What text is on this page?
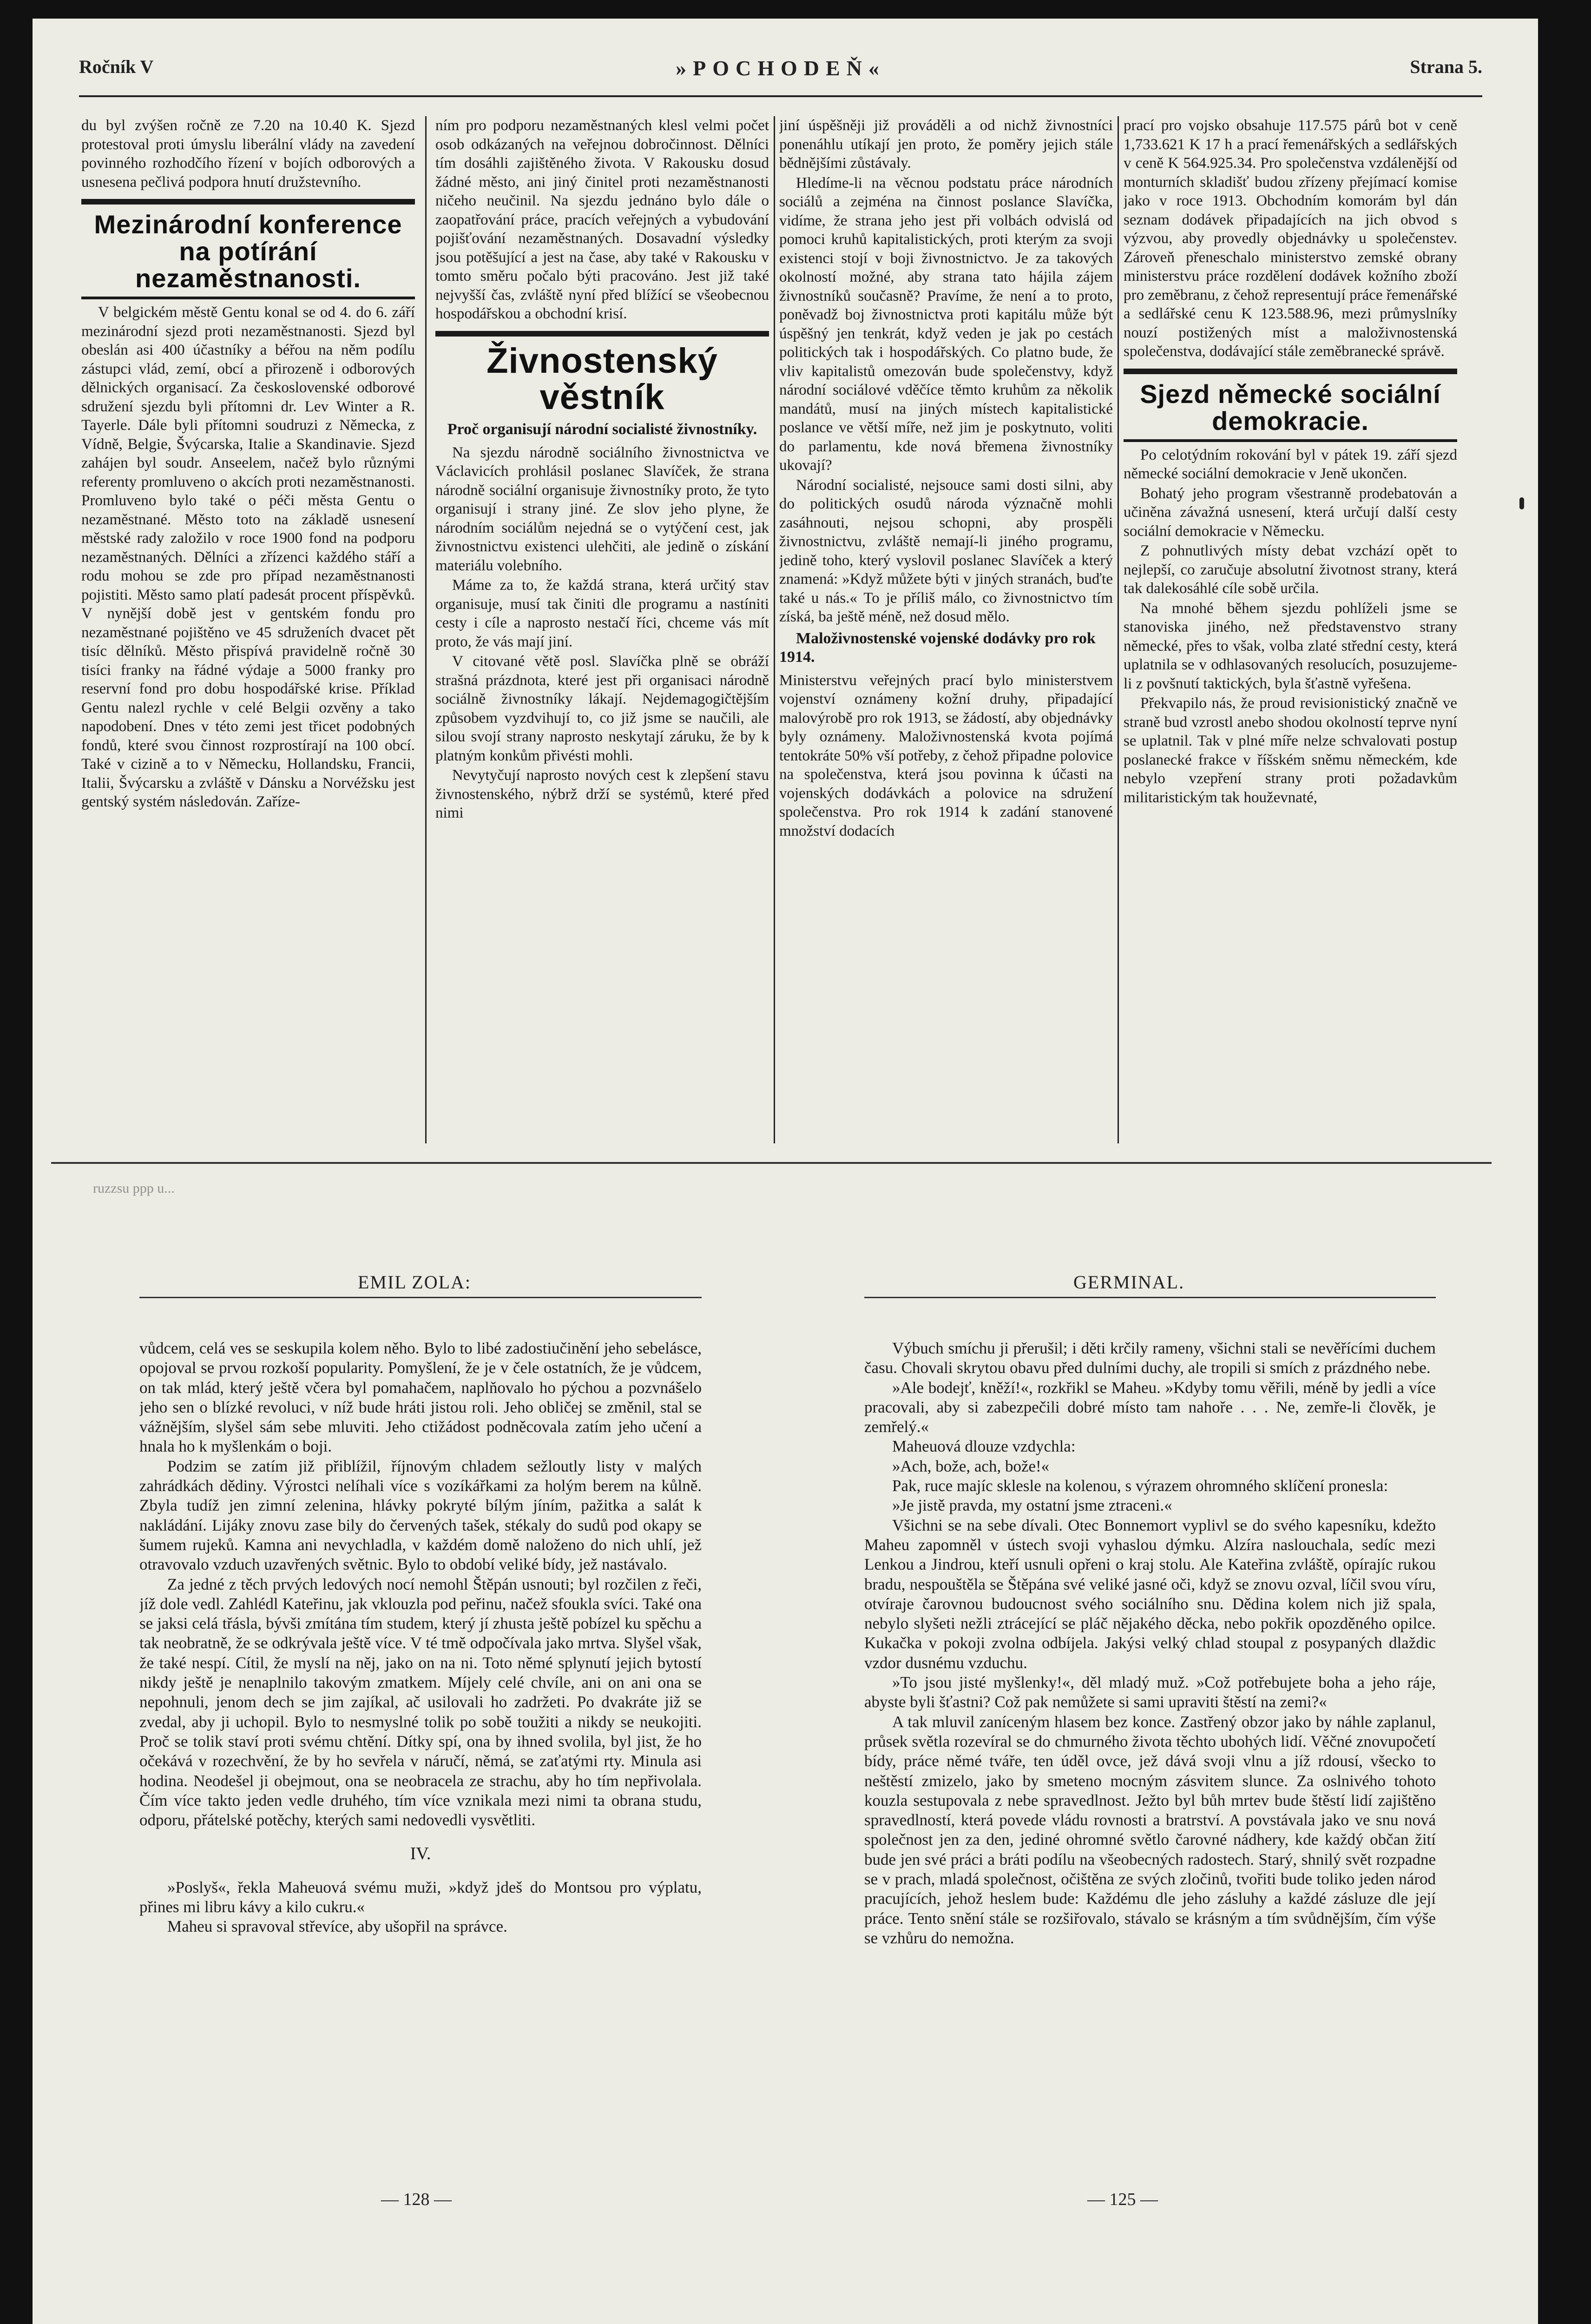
Ročník V	»POCHODEŇ«	Strana 5.

du byl zvýšen ročně ze 7.20 na 10.40 K. Sjezd protestoval proti úmyslu liberální vlády na zavedení povinného rozhodčího řízení v bojích odborových a usnesena pečlivá podpora hnutí družstevního.

Mezinárodní konference na potírání nezaměstnanosti.

V belgickém městě Gentu konal se od 4. do 6. září mezinárodní sjezd proti nezaměstnanosti. Sjezd byl obeslán asi 400 účastníky a béřou na něm podílu zástupci vlád, zemí, obcí a přirozeně i odborových dělnických organisací. Za československé odborové sdružení sjezdu byli přítomni dr. Lev Winter a R. Tayerle. Dále byli přítomni soudruzi z Německa, z Vídně, Belgie, Švýcarska, Italie a Skandinavie. Sjezd zahájen byl soudr. Anseelem, načež bylo různými referenty promluveno o akcích proti nezaměstnanosti. Promluveno bylo také o péči města Gentu o nezaměstnané. Město toto na základě usnesení městské rady založilo v roce 1900 fond na podporu nezaměstnaných. Dělníci a zřízenci každého stáří a rodu mohou se zde pro případ nezaměstnanosti pojistiti. Město samo platí padesát procent příspěvků. V nynější době jest v gentském fondu pro nezaměstnané pojištěno ve 45 sdruženích dvacet pět tisíc dělníků. Město přispívá pravidelně ročně 30 tisíci franky na řádné výdaje a 5000 franky pro reservní fond pro dobu hospodářské krise. Příklad Gentu nalezl rychle v celé Belgii ozvěny a tako napodobení. Dnes v této zemi jest třicet podobných fondů, které svou činnost rozprostírají na 100 obcí. Také v cizině a to v Německu, Hollandsku, Francii, Italii, Švýcarsku a zvláště v Dánsku a Norvéžsku jest gentský systém následován. Zaříze-

ním pro podporu nezaměstnaných klesl velmi počet osob odkázaných na veřejnou dobročinnost. Dělníci tím dosáhli zajištěného života. V Rakousku dosud žádné město, ani jiný činitel proti nezaměstnanosti ničeho neučinil. Na sjezdu jednáno bylo dále o zaopatřování práce, pracích veřejných a vybudování pojišťování nezaměstnaných. Dosavadní výsledky jsou potěšující a jest na čase, aby také v Rakousku v tomto směru počalo býti pracováno. Jest již také nejvyšší čas, zvláště nyní před blížící se všeobecnou hospodářskou a obchodní krisí.

Živnostenský věstník
Proč organisují národní socialisté živnostníky.

Na sjezdu národně sociálního živnostnictva ve Václavicích prohlásil poslanec Slavíček, že strana národně sociální organisuje živnostníky proto, že tyto organisují i strany jiné. Ze slov jeho plyne, že národním sociálům nejedná se o vytýčení cest, jak živnostnictvu existenci ulehčiti, ale jedině o získání materiálu volebního.

Máme za to, že každá strana, která určitý stav organisuje, musí tak činiti dle programu a nastíniti cesty i cíle a naprosto nestačí říci, chceme vás mít proto, že vás mají jiní.

V citované větě posl. Slavíčka plně se obráží strašná prázdnota, které jest při organisaci národně sociálně živnostníky lákají. Nejdemagogičtějším způsobem vyzdvihují to, co již jsme se naučili, ale silou svojí strany naprosto neskytají záruku, že by k platným konkům přivésti mohli.

Nevytyčují naprosto nových cest k zlepšení stavu živnostenského, nýbrž drží se systémů, které před nimi

jiní úspěšněji již prováděli a od nichž živnostníci ponenáhlu utíkají jen proto, že poměry jejich stále bědnějšími zůstávaly.

Hledíme-li na věcnou podstatu práce národních sociálů a zejména na činnost poslance Slavíčka, vidíme, že strana jeho jest při volbách odvislá od pomoci kruhů kapitalistických, proti kterým za svoji existenci stojí v boji živnostnictvo. Je za takových okolností možné, aby strana tato hájila zájem živnostníků současně? Pravíme, že není a to proto, poněvadž boj živnostnictva proti kapitálu může být úspěšný jen tenkrát, když veden je jak po cestách politických tak i hospodářských. Co platno bude, že vliv kapitalistů omezován bude společenstvy, když národní sociálové vděčíce těmto kruhům za několik mandátů, musí na jiných místech kapitalistické poslance ve větší míře, než jim je poskytnuto, voliti do parlamentu, kde nová břemena živnostníky ukovají?

Národní socialisté, nejsouce sami dosti silni, aby do politických osudů národa význačně mohli zasáhnouti, nejsou schopni, aby prospěli živnostnictvu, zvláště nemají-li jiného programu, jedině toho, který vyslovil poslanec Slavíček a který znamená: »Když můžete býti v jiných stranách, buďte také u nás.« To je příliš málo, co živnostnictvo tím získá, ba ještě méně, než dosud mělo.

Maloživnostenské vojenské dodávky pro rok 1914.

Ministerstvu veřejných prací bylo ministerstvem vojenství oznámeny kožní druhy, připadající malovýrobě pro rok 1913, se žádostí, aby objednávky byly oznámeny. Maloživnostenská kvota pojímá tentokráte 50% vší potřeby, z čehož připadne polovice na společenstva, která jsou povinna k účasti na vojenských dodávkách a polovice na sdružení společenstva. Pro rok 1914 k zadání stanovené množství dodacích

prací pro vojsko obsahuje 117.575 párů bot v ceně 1,733.621 K 17 h a prací řemenářských a sedlářských v ceně K 564.925.34. Pro společenstva vzdálenější od monturních skladišť budou zřízeny přejímací komise jako v roce 1913. Obchodním komorám byl dán seznam dodávek připadajících na jich obvod s výzvou, aby provedly objednávky u společenstev. Zároveň přeneschalo ministerstvo zemské obrany ministerstvu práce rozdělení dodávek kožního zboží pro zeměbranu, z čehož representují práce řemenářské a sedlářské cenu K 123.588.96, mezi průmyslníky nouzí postižených míst a maloživnostenská společenstva, dodávající stále zeměbranecké správě.

Sjezd německé sociální demokracie.

Po celotýdním rokování byl v pátek 19. září sjezd německé sociální demokracie v Jeně ukončen.

Bohatý jeho program všestranně prodebatován a učiněna závažná usnesení, která určují další cesty sociální demokracie v Německu.

Z pohnutlivých místy debat vzchází opět to nejlepší, co zaručuje absolutní životnost strany, která tak dalekosáhlé cíle sobě určila.

Na mnohé během sjezdu pohlíželi jsme se stanoviska jiného, než představenstvo strany německé, přes to však, volba zlaté střední cesty, která uplatnila se v odhlasovaných resolucích, posuzujeme-li z povšnutí taktických, byla šťastně vyřešena.

Překvapilo nás, že proud revisionistický značně ve straně bud vzrostl anebo shodou okolností teprve nyní se uplatnil. Tak v plné míře nelze schvalovati postup poslanecké frakce v říšském sněmu německém, kde nebylo vzepření strany proti požadavkům militaristickým tak houževnaté,

ruzzsu ppp u...
EMIL ZOLA:	GERMINAL.

vůdcem, celá ves se seskupila kolem něho. Bylo to libé zadostiučinění jeho sebelásce, opojoval se prvou rozkoší popularity. Pomyšlení, že je v čele ostatních, že je vůdcem, on tak mlád, který ještě včera byl pomahačem, naplňovalo ho pýchou a pozvnášelo jeho sen o blízké revoluci, v níž bude hráti jistou roli. Jeho obličej se změnil, stal se vážnějším, slyšel sám sebe mluviti. Jeho ctižádost podněcovala zatím jeho učení a hnala ho k myšlenkám o boji.

Podzim se zatím již přiblížil, říjnovým chladem sežloutly listy v malých zahrádkách dědiny. Výrostci nelíhali více s vozíkářkami za holým berem na kůlně. Zbyla tudíž jen zimní zelenina, hlávky pokryté bílým jíním, pažitka a salát k nakládání. Lijáky znovu zase bily do červených tašek, stékaly do sudů pod okapy se šumem rujeků. Kamna ani nevychladla, v každém domě naloženo do nich uhlí, jež otravovalo vzduch uzavřených světnic. Bylo to období veliké bídy, jež nastávalo.

Za jedné z těch prvých ledových nocí nemohl Štěpán usnouti; byl rozčilen z řeči, jíž dole vedl. Zahlédl Kateřinu, jak vklouzla pod peřinu, načež sfoukla svíci. Také ona se jaksi celá třásla, bývši zmítána tím studem, který jí zhusta ještě pobízel ku spěchu a tak neobratně, že se odkrývala ještě více. V té tmě odpočívala jako mrtva. Slyšel však, že také nespí. Cítil, že myslí na něj, jako on na ni. Toto němé splynutí jejich bytostí nikdy ještě je nenaplnilo takovým zmatkem. Míjely celé chvíle, ani on ani ona se nepohnuli, jenom dech se jim zajíkal, ač usilovali ho zadržeti. Po dvakráte již se zvedal, aby ji uchopil. Bylo to nesmyslné tolik po sobě toužiti a nikdy se neukojiti. Proč se tolik staví proti svému chtění. Dítky spí, ona by ihned svolila, byl jist, že ho očekává v rozechvění, že by ho sevřela v náručí, němá, se zaťatými rty. Minula asi hodina. Neodešel ji obejmout, ona se neobracela ze strachu, aby ho tím nepřivolala. Čím více takto jeden vedle druhého, tím více vznikala mezi nimi ta obrana studu, odporu, přátelské potěchy, kterých sami nedovedli vysvětliti.

IV.

»Poslyš«, řekla Maheuová svému muži, »když jdeš do Montsou pro výplatu, přines mi libru kávy a kilo cukru.«

Maheu si spravoval střevíce, aby ušopřil na správce.

Výbuch smíchu ji přerušil; i děti krčily rameny, všichni stali se nevěřícími duchem času. Chovali skrytou obavu před dulními duchy, ale tropili si smích z prázdného nebe.

»Ale bodejť, kněží!«, rozkřikl se Maheu. »Kdyby tomu věřili, méně by jedli a více pracovali, aby si zabezpečili dobré místo tam nahoře . . . Ne, zemře-li člověk, je zemřelý.«

Maheuová dlouze vzdychla:

»Ach, bože, ach, bože!«

Pak, ruce majíc sklesle na kolenou, s výrazem ohromného sklíčení pronesla:

»Je jistě pravda, my ostatní jsme ztraceni.«

Všichni se na sebe dívali. Otec Bonnemort vyplivl se do svého kapesníku, kdežto Maheu zapomněl v ústech svoji vyhaslou dýmku. Alzíra naslouchala, sedíc mezi Lenkou a Jindrou, kteří usnuli opřeni o kraj stolu. Ale Kateřina zvláště, opírajíc rukou bradu, nespouštěla se Štěpána své veliké jasné oči, když se znovu ozval, líčil svou víru, otvíraje čarovnou budoucnost svého sociálního snu. Dědina kolem nich již spala, nebylo slyšeti nežli ztrácející se pláč nějakého děcka, nebo pokřik opozděného opilce. Kukačka v pokoji zvolna odbíjela. Jakýsi velký chlad stoupal z posypaných dlaždic vzdor dusnému vzduchu.

»To jsou jisté myšlenky!«, děl mladý muž. »Což potřebujete boha a jeho ráje, abyste byli šťastni? Což pak nemůžete si sami upraviti štěstí na zemi?«

A tak mluvil zaníceným hlasem bez konce. Zastřený obzor jako by náhle zaplanul, průsek světla rozevíral se do chmurného života těchto ubohých lidí. Věčné znovupočetí bídy, práce němé tváře, ten úděl ovce, jež dává svoji vlnu a jíž rdousí, všecko to neštěstí zmizelo, jako by smeteno mocným zásvitem slunce. Za oslnivého tohoto kouzla sestupovala z nebe spravedlnost. Ježto byl bůh mrtev bude štěstí lidí zajištěno spravedlností, která povede vládu rovnosti a bratrství. A povstávala jako ve snu nová společnost jen za den, jediné ohromné světlo čarovné nádhery, kde každý občan žití bude jen své práci a bráti podílu na všeobecných radostech. Starý, shnilý svět rozpadne se v prach, mladá společnost, očištěna ze svých zločinů, tvořiti bude toliko jeden národ pracujících, jehož heslem bude: Každému dle jeho zásluhy a každé zásluze dle její práce. Tento snění stále se rozšiřovalo, stávalo se krásným a tím svůdnějším, čím výše se vzhůru do nemožna.

— 128 —	— 125 —
